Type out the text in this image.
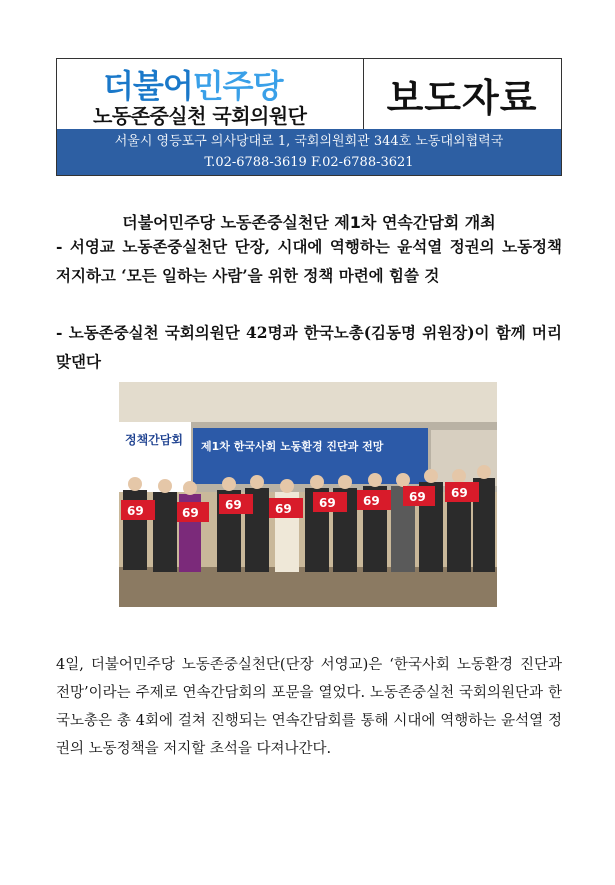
더불어민주당
노동존중실천 국회의원단	보도자료
서울시 영등포구 의사당대로 1, 국회의원회관 344호 노동대외협력국
T.02-6788-3619 F.02-6788-3621
더불어민주당 노동존중실천단 제1차 연속간담회 개최
- 서영교 노동존중실천단 단장, 시대에 역행하는 윤석열 정권의 노동정책 저지하고 ‘모든 일하는 사람’을 위한 정책 마련에 힘쓸 것
- 노동존중실천 국회의원단 42명과 한국노총(김동명 위원장)이 함께 머리 맞댄다
정책간담회 제1차 한국사회 노동환경 진단과 전망
69	69
69	69 69 69 69 69
4일, 더불어민주당 노동존중실천단(단장 서영교)은 ‘한국사회 노동환경 진단과 전망’이라는 주제로 연속간담회의 포문을 열었다. 노동존중실천 국회의원단과 한국노총은 총 4회에 걸쳐 진행되는 연속간담회를 통해 시대에 역행하는 윤석열 정권의 노동정책을 저지할 초석을 다져나간다.
